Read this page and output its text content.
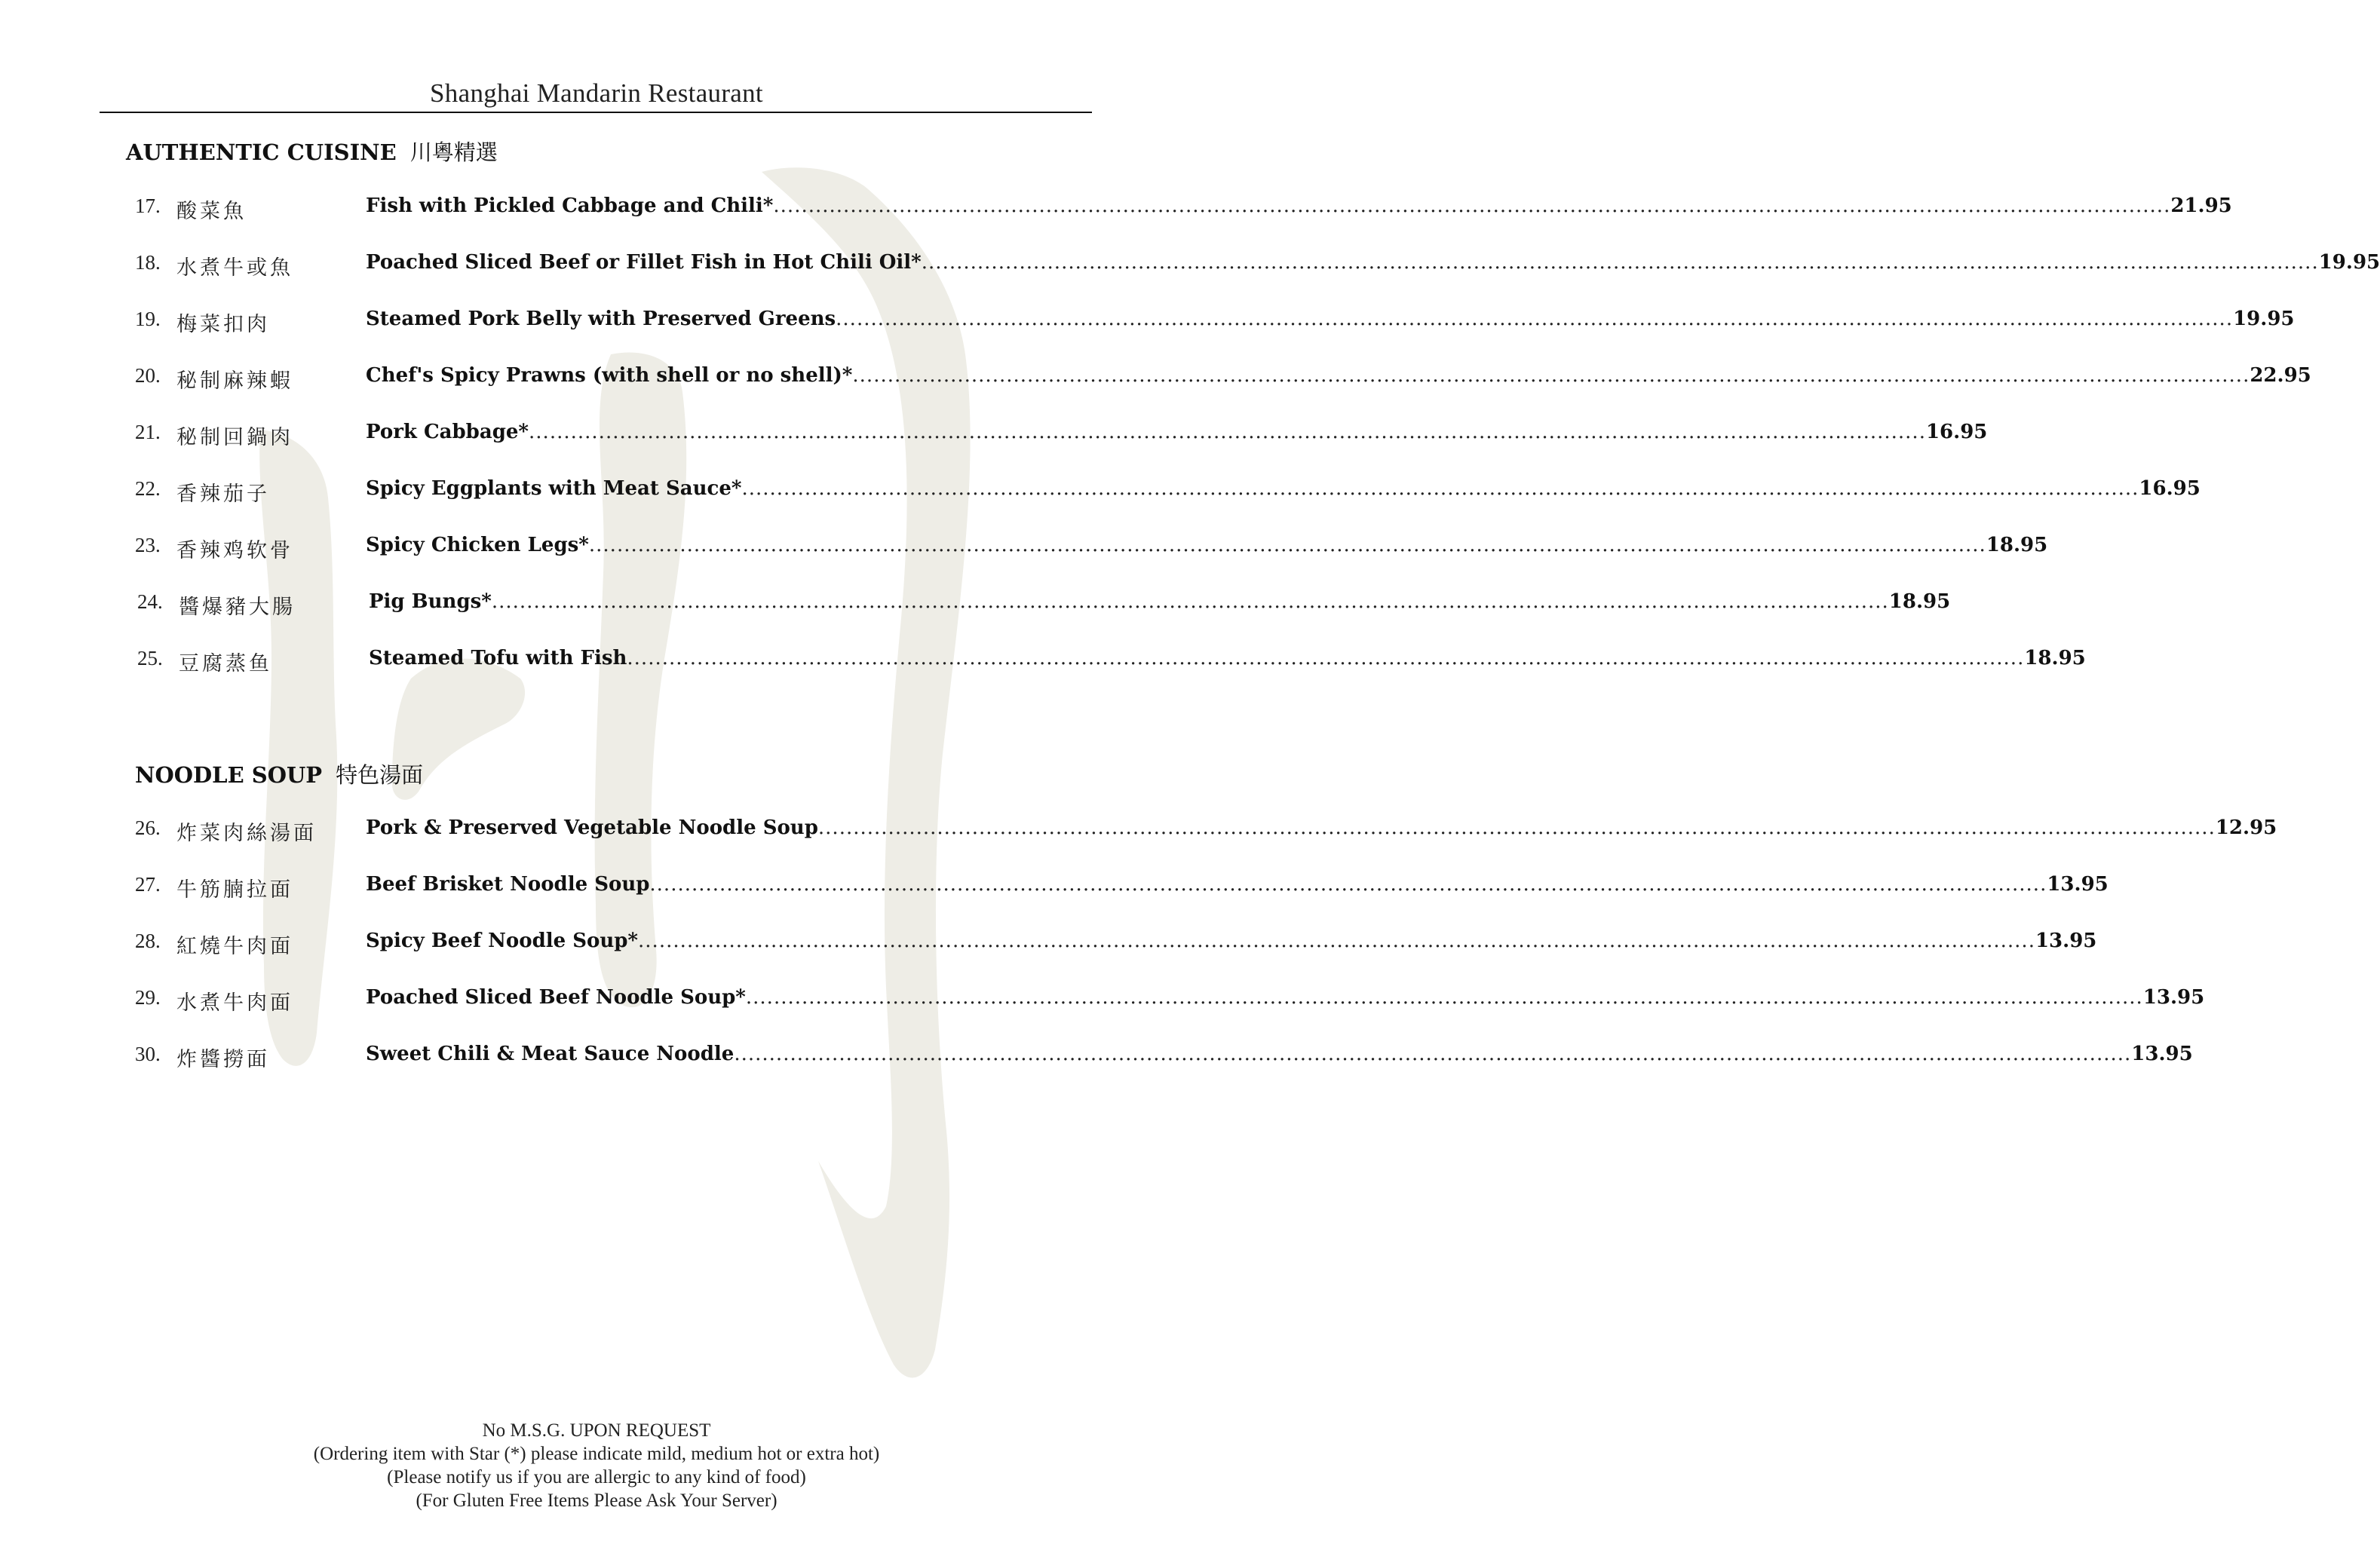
Shanghai Mandarin Restaurant
AUTHENTIC CUISINE 川粵精選
17. 酸菜魚	Fish with Pickled Cabbage and Chili* ........................................................................................................................................................................................................ 21.95
18. 水煮牛或魚	Poached Sliced Beef or Fillet Fish in Hot Chili Oil* ........................................................................................................................................................................................................ 19.95
19. 梅菜扣肉	Steamed Pork Belly with Preserved Greens ........................................................................................................................................................................................................ 19.95
20. 秘制麻辣蝦	Chef's Spicy Prawns (with shell or no shell)* ........................................................................................................................................................................................................ 22.95
21. 秘制回鍋肉	Pork Cabbage* ........................................................................................................................................................................................................ 16.95
22. 香辣茄子	Spicy Eggplants with Meat Sauce* ........................................................................................................................................................................................................ 16.95
23. 香辣鸡软骨	Spicy Chicken Legs* ........................................................................................................................................................................................................ 18.95
24. 醬爆豬大腸	Pig Bungs* ........................................................................................................................................................................................................ 18.95
25. 豆腐蒸鱼	Steamed Tofu with Fish ........................................................................................................................................................................................................ 18.95
NOODLE SOUP 特色湯面
26. 炸菜肉絲湯面	Pork & Preserved Vegetable Noodle Soup ........................................................................................................................................................................................................ 12.95
27. 牛筋腩拉面	Beef Brisket Noodle Soup ........................................................................................................................................................................................................ 13.95
28. 紅燒牛肉面	Spicy Beef Noodle Soup* ........................................................................................................................................................................................................ 13.95
29. 水煮牛肉面	Poached Sliced Beef Noodle Soup* ........................................................................................................................................................................................................ 13.95
30. 炸醬撈面	Sweet Chili & Meat Sauce Noodle ........................................................................................................................................................................................................ 13.95
No M.S.G. UPON REQUEST
(Ordering item with Star (*) please indicate mild, medium hot or extra hot)
(Please notify us if you are allergic to any kind of food)
(For Gluten Free Items Please Ask Your Server)
